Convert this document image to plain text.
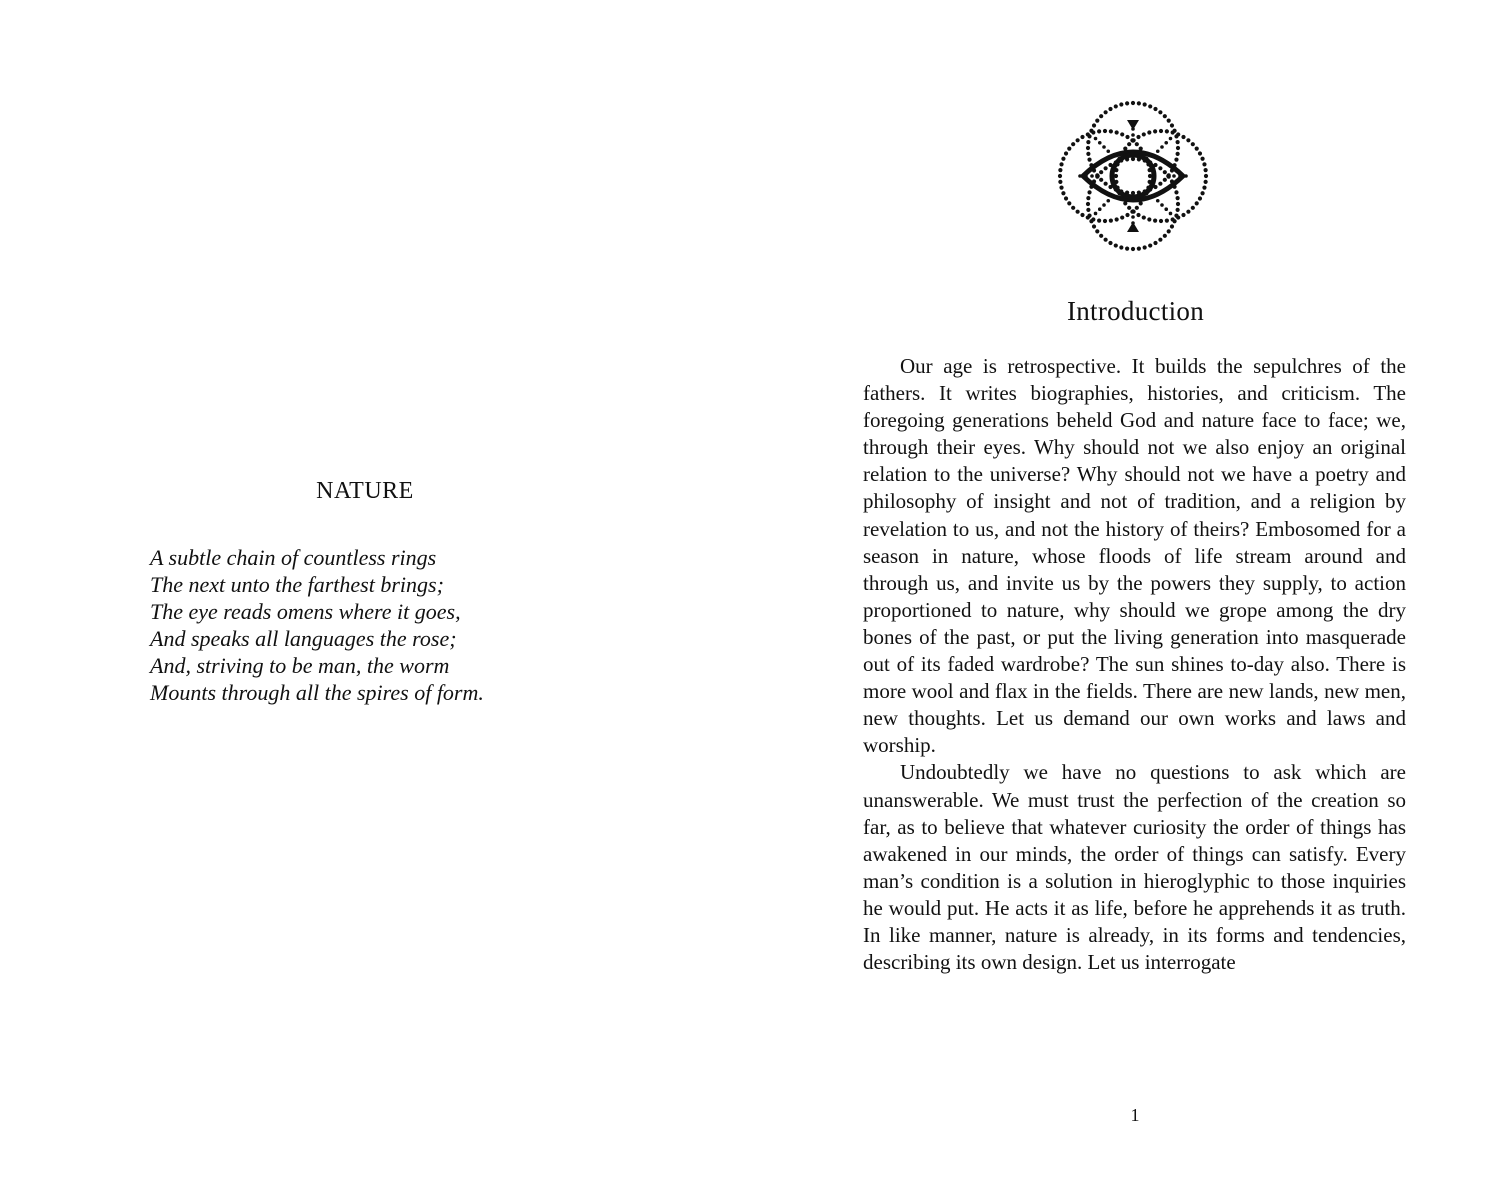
NATURE
A subtle chain of countless rings
The next unto the farthest brings;
The eye reads omens where it goes,
And speaks all languages the rose;
And, striving to be man, the worm
Mounts through all the spires of form.
Introduction

Our age is retrospective. It builds the sepulchres of the fathers. It writes biographies, histories, and criticism. The foregoing generations beheld God and nature face to face; we, through their eyes. Why should not we also enjoy an original relation to the universe? Why should not we have a poetry and philosophy of insight and not of tradition, and a religion by revelation to us, and not the history of theirs? Embosomed for a season in nature, whose floods of life stream around and through us, and invite us by the powers they supply, to action proportioned to nature, why should we grope among the dry bones of the past, or put the living generation into masquerade out of its faded wardrobe? The sun shines to-day also. There is more wool and flax in the fields. There are new lands, new men, new thoughts. Let us demand our own works and laws and worship.

Undoubtedly we have no questions to ask which are unanswerable. We must trust the perfection of the creation so far, as to believe that whatever curiosity the order of things has awakened in our minds, the order of things can satisfy. Every man’s condition is a solution in hieroglyphic to those inquiries he would put. He acts it as life, before he apprehends it as truth. In like manner, nature is already, in its forms and tendencies, describing its own design. Let us interrogate

1
